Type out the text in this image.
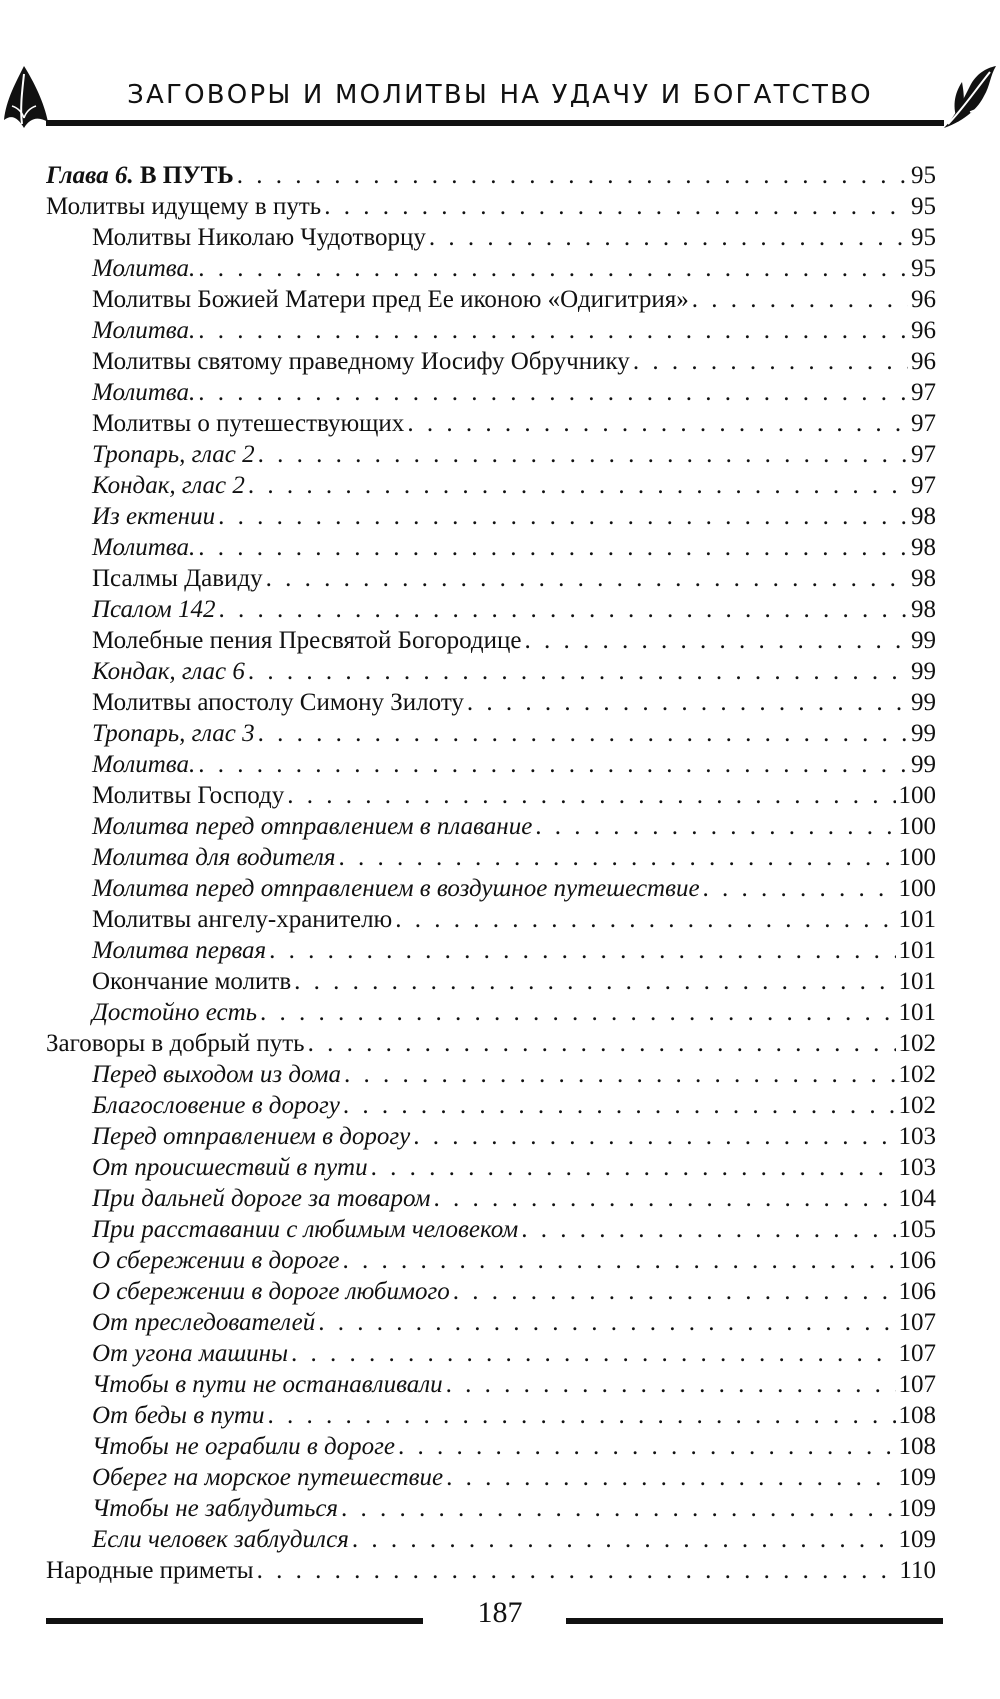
ЗАГОВОРЫ И МОЛИТВЫ НА УДАЧУ И БОГАТСТВО
Глава 6. В ПУТЬ . . .	95
Молитвы идущему в путь . . .	95
Молитвы Николаю Чудотворцу . . .	95
Молитва. . . .	95
Молитвы Божией Матери пред Ее иконою «Одигитрия» . . .	96
Молитва. . . .	96
Молитвы святому праведному Иосифу Обручнику . . .	96
Молитва. . . .	97
Молитвы о путешествующих . . .	97
Тропарь, глас 2 . . .	97
Кондак, глас 2 . . .	97
Из ектении . . .	98
Молитва. . . .	98
Псалмы Давиду . . .	98
Псалом 142 . . .	98
Молебные пения Пресвятой Богородице . . .	99
Кондак, глас 6 . . .	99
Молитвы апостолу Симону Зилоту . . .	99
Тропарь, глас 3 . . .	99
Молитва. . . .	99
Молитвы Господу . . .	100
Молитва перед отправлением в плавание . . .	100
Молитва для водителя . . .	100
Молитва перед отправлением в воздушное путешествие . . .	100
Молитвы ангелу-хранителю . . .	101
Молитва первая . . .	101
Окончание молитв . . .	101
Достойно есть . . .	101
Заговоры в добрый путь . . .	102
Перед выходом из дома . . .	102
Благословение в дорогу . . .	102
Перед отправлением в дорогу . . .	103
От происшествий в пути . . .	103
При дальней дороге за товаром . . .	104
При расставании с любимым человеком . . .	105
О сбережении в дороге . . .	106
О сбережении в дороге любимого . . .	106
От преследователей . . .	107
От угона машины . . .	107
Чтобы в пути не останавливали . . .	107
От беды в пути . . .	108
Чтобы не ограбили в дороге . . .	108
Оберег на морское путешествие . . .	109
Чтобы не заблудиться . . .	109
Если человек заблудился . . .	109
Народные приметы . . .	110
187
